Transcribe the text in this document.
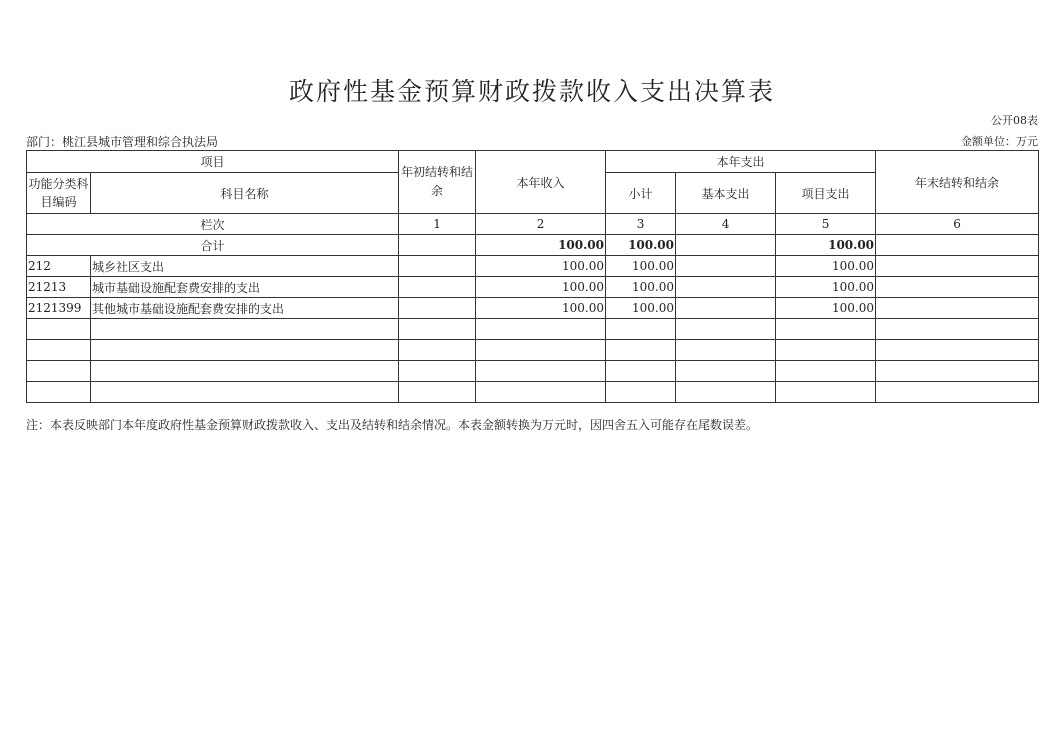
政府性基金预算财政拨款收入支出决算表
公开08表
部门：桃江县城市管理和综合执法局	金额单位：万元
项目		年初结转和结余	本年收入	本年支出			年末结转和结余
功能分类科目编码	科目名称			小计	基本支出	项目支出	
栏次		1	2	3	4	5	6
合计			100.00	100.00		100.00	
212	城乡社区支出		100.00	100.00		100.00	
21213	城市基础设施配套费安排的支出		100.00	100.00		100.00	
2121399	其他城市基础设施配套费安排的支出		100.00	100.00		100.00	

注：本表反映部门本年度政府性基金预算财政拨款收入、支出及结转和结余情况。本表金额转换为万元时，因四舍五入可能存在尾数误差。
